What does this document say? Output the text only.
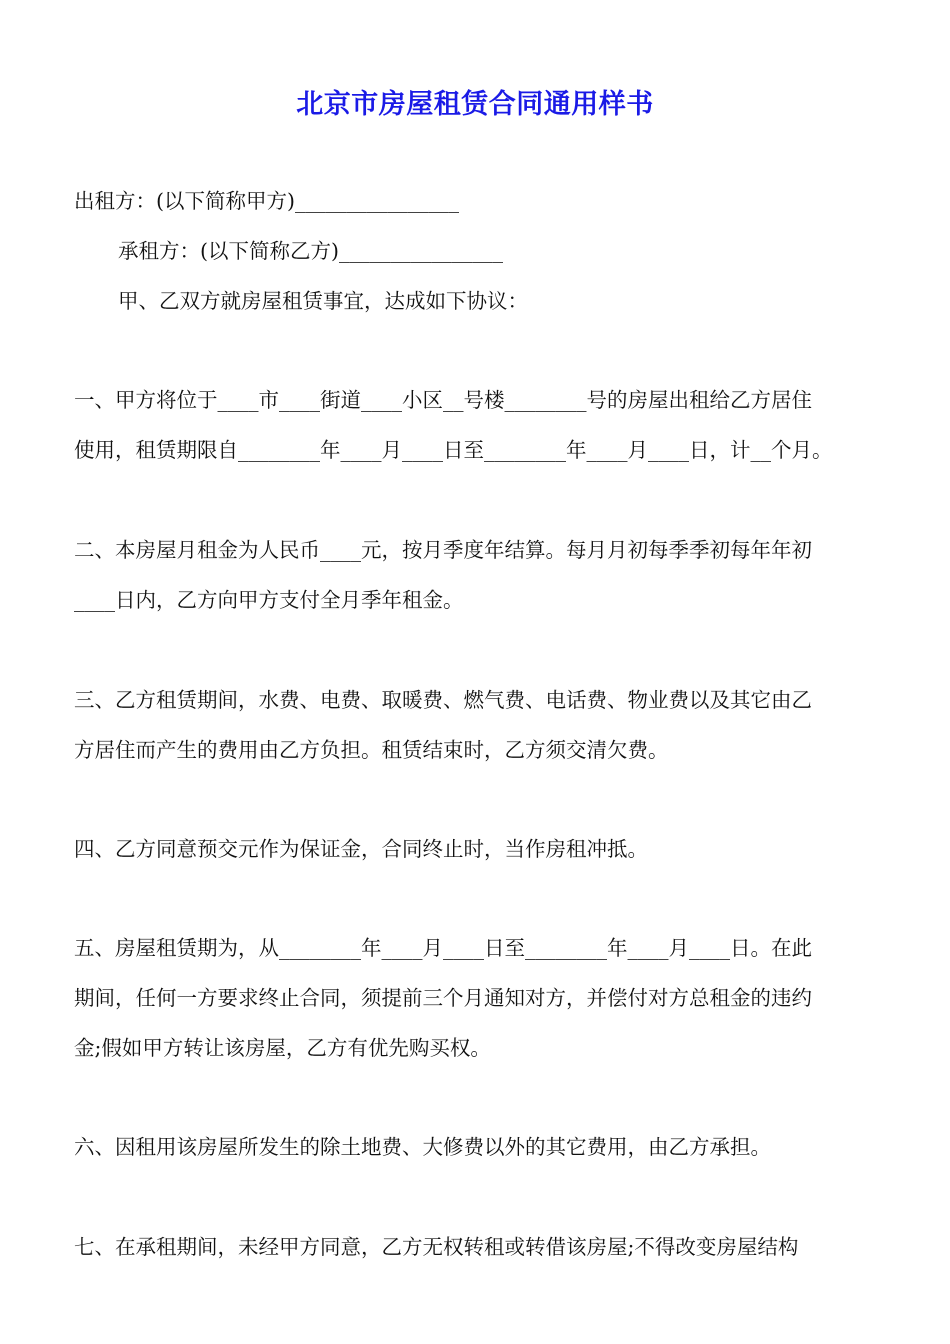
北京市房屋租赁合同通用样书
出租方：(以下简称甲方)________________
承租方：(以下简称乙方)________________
甲、乙双方就房屋租赁事宜，达成如下协议：
一、甲方将位于____市____街道____小区__号楼________号的房屋出租给乙方居住
使用，租赁期限自________年____月____日至________年____月____日，计__个月。
二、本房屋月租金为人民币____元，按月季度年结算。每月月初每季季初每年年初
____日内，乙方向甲方支付全月季年租金。
三、乙方租赁期间，水费、电费、取暖费、燃气费、电话费、物业费以及其它由乙
方居住而产生的费用由乙方负担。租赁结束时，乙方须交清欠费。
四、乙方同意预交元作为保证金，合同终止时，当作房租冲抵。
五、房屋租赁期为，从________年____月____日至________年____月____日。在此
期间，任何一方要求终止合同，须提前三个月通知对方，并偿付对方总租金的违约
金;假如甲方转让该房屋，乙方有优先购买权。
六、因租用该房屋所发生的除土地费、大修费以外的其它费用，由乙方承担。
七、在承租期间，未经甲方同意，乙方无权转租或转借该房屋;不得改变房屋结构
